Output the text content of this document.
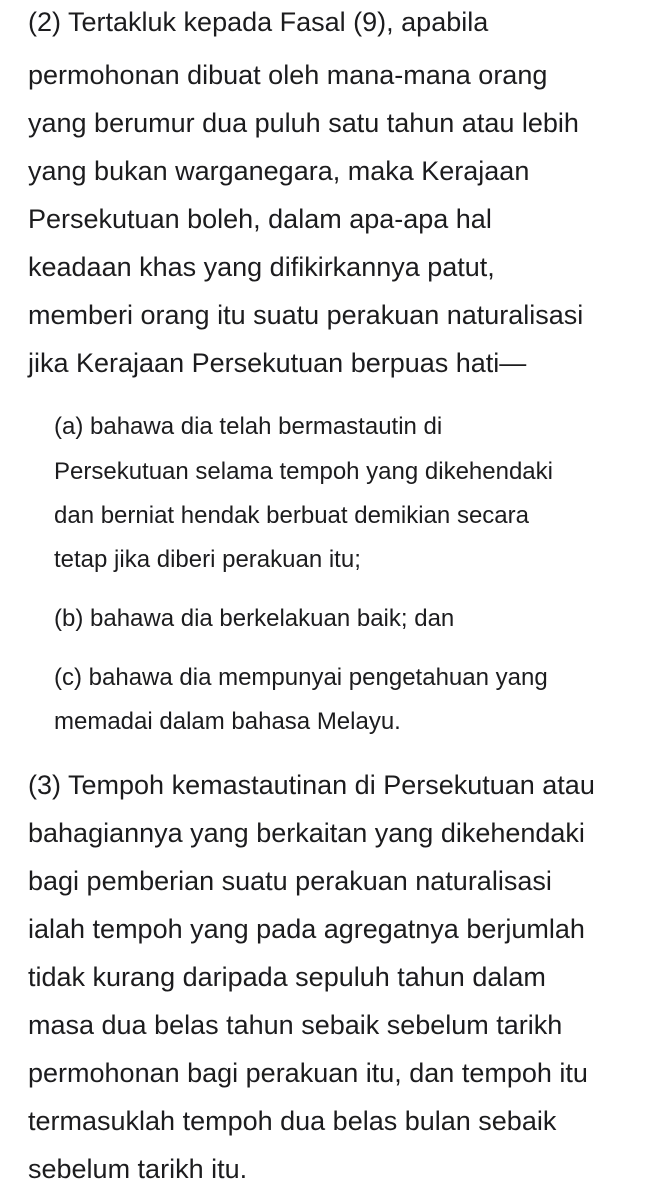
(2) Tertakluk kepada Fasal (9), apabila

permohonan dibuat oleh mana-mana orang

yang berumur dua puluh satu tahun atau lebih

yang bukan warganegara, maka Kerajaan

Persekutuan boleh, dalam apa-apa hal

keadaan khas yang difikirkannya patut,

memberi orang itu suatu perakuan naturalisasi

jika Kerajaan Persekutuan berpuas hati—

(a) bahawa dia telah bermastautin di

Persekutuan selama tempoh yang dikehendaki

dan berniat hendak berbuat demikian secara

tetap jika diberi perakuan itu;

(b) bahawa dia berkelakuan baik; dan

(c) bahawa dia mempunyai pengetahuan yang

memadai dalam bahasa Melayu.

(3) Tempoh kemastautinan di Persekutuan atau

bahagiannya yang berkaitan yang dikehendaki

bagi pemberian suatu perakuan naturalisasi

ialah tempoh yang pada agregatnya berjumlah

tidak kurang daripada sepuluh tahun dalam

masa dua belas tahun sebaik sebelum tarikh

permohonan bagi perakuan itu, dan tempoh itu

termasuklah tempoh dua belas bulan sebaik

sebelum tarikh itu.
